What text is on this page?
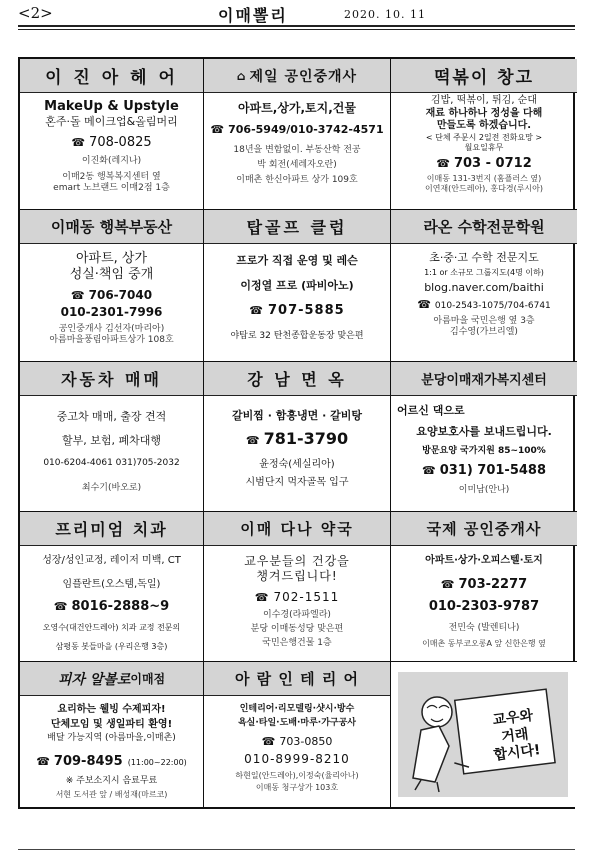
<2>	이매뽈리	2020. 10. 11
이 진 아 헤 어
MakeUp & Upstyle
혼주·돌 메이크업&올림머리
☎ 708-0825
이진화(레지나)
이매2동 행복복지센터 옆
emart 노브랜드 이매2점 1층
⌂ 제일 공인중개사
아파트,상가,토지,건물
☎ 706-5949/010-3742-4571
18년을 변함없이. 부동산학 전공
박 회전(세레자오란)
이매촌 한신아파트 상가 109호
떡볶이 창고
김밥, 떡볶이, 튀김, 순대
재료 하나하나 정성을 다해
만들도록 하겠습니다.
< 단체 주문시 2일전 전화요망 >
월요일휴무
☎ 703 - 0712
이매동 131-3번지 (홈플러스 옆)
이연재(안드레아), 홍다경(루시아)
이매동 행복부동산
아파트, 상가
성실·책임 중개
☎ 706-7040
010-2301-7996
공인중개사 김선자(마리아)
아름마을풍림아파트상가 108호
탑골프 클럽
프로가 직접 운영 및 레슨
이정열 프로 (파비아노)
☎ 707-5885
야탑로 32 탄천종합운동장 맞은편
라온 수학전문학원
초·중·고 수학 전문지도
1:1 or 소규모 그룹지도(4명 이하)
blog.naver.com/baithi
☎ 010-2543-1075/704-6741
아름마을 국민은행 옆 3층
김수영(가브리엘)
자동차 매매
중고차 매매, 출장 견적
할부, 보험, 폐차대행
010-6204-4061 031)705-2032
최수기(바오로)
강 남 면 옥
갈비찜 · 함흥냉면 · 갈비탕
☎ 781-3790
윤정숙(세실리아)
시범단지 먹자골목 입구
분당이매재가복지센터
어르신 댁으로
요양보호사를 보내드립니다.
방문요양 국가지원 85~100%
☎ 031) 701-5488
이미남(안나)
프리미엄 치과
성장/성인교정, 레이저 미백, CT
임플란트(오스템,독일)
☎ 8016-2888~9
오영수(대건안드레아) 치과 교정 전문의
삼평동 봇들마을 (우리은행 3층)
이매 다나 약국
교우분들의 건강을
챙겨드립니다!
☎ 702-1511
이수경(라파엘라)
분당 이매동성당 맞은편
국민은행건물 1층
국제 공인중개사
아파트·상가·오피스텔·토지
☎ 703-2277
010-2303-9787
전민숙 (발렌티나)
이매촌 동부코오롱A 앞 신한은행 옆
피자 알볼로 이매점
요리하는 웰빙 수제피자!
단체모임 및 생일파티 환영!
배달 가능지역 (아름마을,이매촌)
☎ 709-8495 (11:00~22:00)
※ 주보소지시 음료무료
서현 도서관 앞 / 배성재(마르코)
아 람 인 테 리 어
인테리어·리모델링·샷시·방수
욕실·타일·도배·마루·가구공사
☎ 703-0850
010-8999-8210
하현일(안드레아),이정숙(율리아나)
이매동 청구상가 103호
교우와
거래
합시다!
